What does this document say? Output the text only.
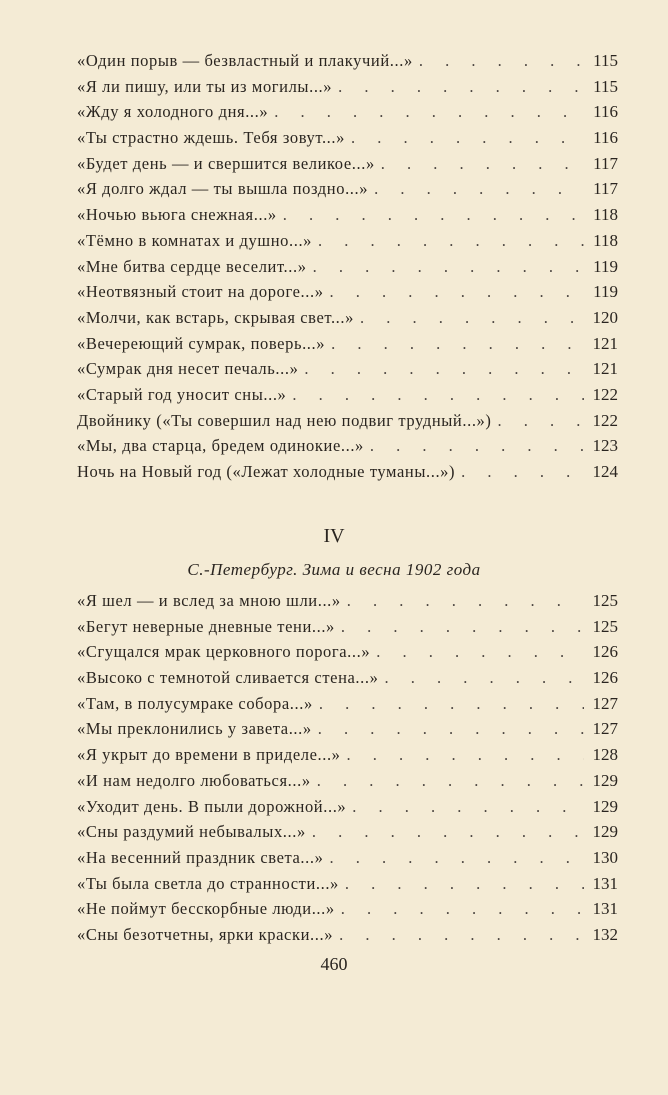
«Один порыв — безвластный и плакучий...» . . .	115
«Я ли пишу, или ты из могилы...» . . .	115
«Жду я холодного дня...» . . .	116
«Ты страстно ждешь. Тебя зовут...» . . .	116
«Будет день — и свершится великое...» . . .	117
«Я долго ждал — ты вышла поздно...» . . .	117
«Ночью вьюга снежная...» . . .	118
«Тёмно в комнатах и душно...» . . .	118
«Мне битва сердце веселит...» . . .	119
«Неотвязный стоит на дороге...» . . .	119
«Молчи, как встарь, скрывая свет...» . . .	120
«Вечереющий сумрак, поверь...» . . .	121
«Сумрак дня несет печаль...» . . .	121
«Старый год уносит сны...» . . .	122
Двойнику («Ты совершил над нею подвиг трудный...») . . .	122
«Мы, два старца, бредем одинокие...» . . .	123
Ночь на Новый год («Лежат холодные туманы...») . . .	124
IV
С.-Петербург. Зима и весна 1902 года
«Я шел — и вслед за мною шли...» . . .	125
«Бегут неверные дневные тени...» . . .	125
«Сгущался мрак церковного порога...» . . .	126
«Высоко с темнотой сливается стена...» . . .	126
«Там, в полусумраке собора...» . . .	127
«Мы преклонились у завета...» . . .	127
«Я укрыт до времени в приделе...» . . .	128
«И нам недолго любоваться...» . . .	129
«Уходит день. В пыли дорожной...» . . .	129
«Сны раздумий небывалых...» . . .	129
«На весенний праздник света...» . . .	130
«Ты была светла до странности...» . . .	131
«Не поймут бесскорбные люди...» . . .	131
«Сны безотчетны, ярки краски...» . . .	132
460
